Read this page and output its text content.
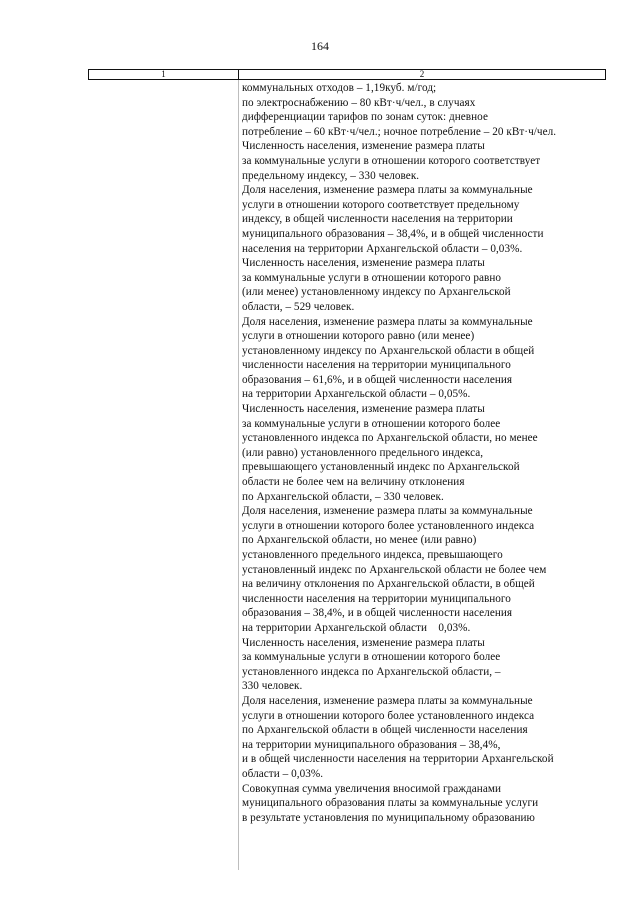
164
1	2
коммунальных отходов – 1,19куб. м/год;
по электроснабжению – 80 кВт·ч/чел., в случаях
дифференциации тарифов по зонам суток: дневное
потребление – 60 кВт·ч/чел.; ночное потребление – 20 кВт·ч/чел.
Численность населения, изменение размера платы
за коммунальные услуги в отношении которого соответствует
предельному индексу, – 330 человек.
Доля населения, изменение размера платы за коммунальные
услуги в отношении которого соответствует предельному
индексу, в общей численности населения на территории
муниципального образования – 38,4%, и в общей численности
населения на территории Архангельской области – 0,03%.
Численность населения, изменение размера платы
за коммунальные услуги в отношении которого равно
(или менее) установленному индексу по Архангельской
области, – 529 человек.
Доля населения, изменение размера платы за коммунальные
услуги в отношении которого равно (или менее)
установленному индексу по Архангельской области в общей
численности населения на территории муниципального
образования – 61,6%, и в общей численности населения
на территории Архангельской области – 0,05%.
Численность населения, изменение размера платы
за коммунальные услуги в отношении которого более
установленного индекса по Архангельской области, но менее
(или равно) установленного предельного индекса,
превышающего установленный индекс по Архангельской
области не более чем на величину отклонения
по Архангельской области, – 330 человек.
Доля населения, изменение размера платы за коммунальные
услуги в отношении которого более установленного индекса
по Архангельской области, но менее (или равно)
установленного предельного индекса, превышающего
установленный индекс по Архангельской области не более чем
на величину отклонения по Архангельской области, в общей
численности населения на территории муниципального
образования – 38,4%, и в общей численности населения
на территории Архангельской области    0,03%.
Численность населения, изменение размера платы
за коммунальные услуги в отношении которого более
установленного индекса по Архангельской области, –
330 человек.
Доля населения, изменение размера платы за коммунальные
услуги в отношении которого более установленного индекса
по Архангельской области в общей численности населения
на территории муниципального образования – 38,4%,
и в общей численности населения на территории Архангельской
области – 0,03%.
Совокупная сумма увеличения вносимой гражданами
муниципального образования платы за коммунальные услуги
в результате установления по муниципальному образованию
